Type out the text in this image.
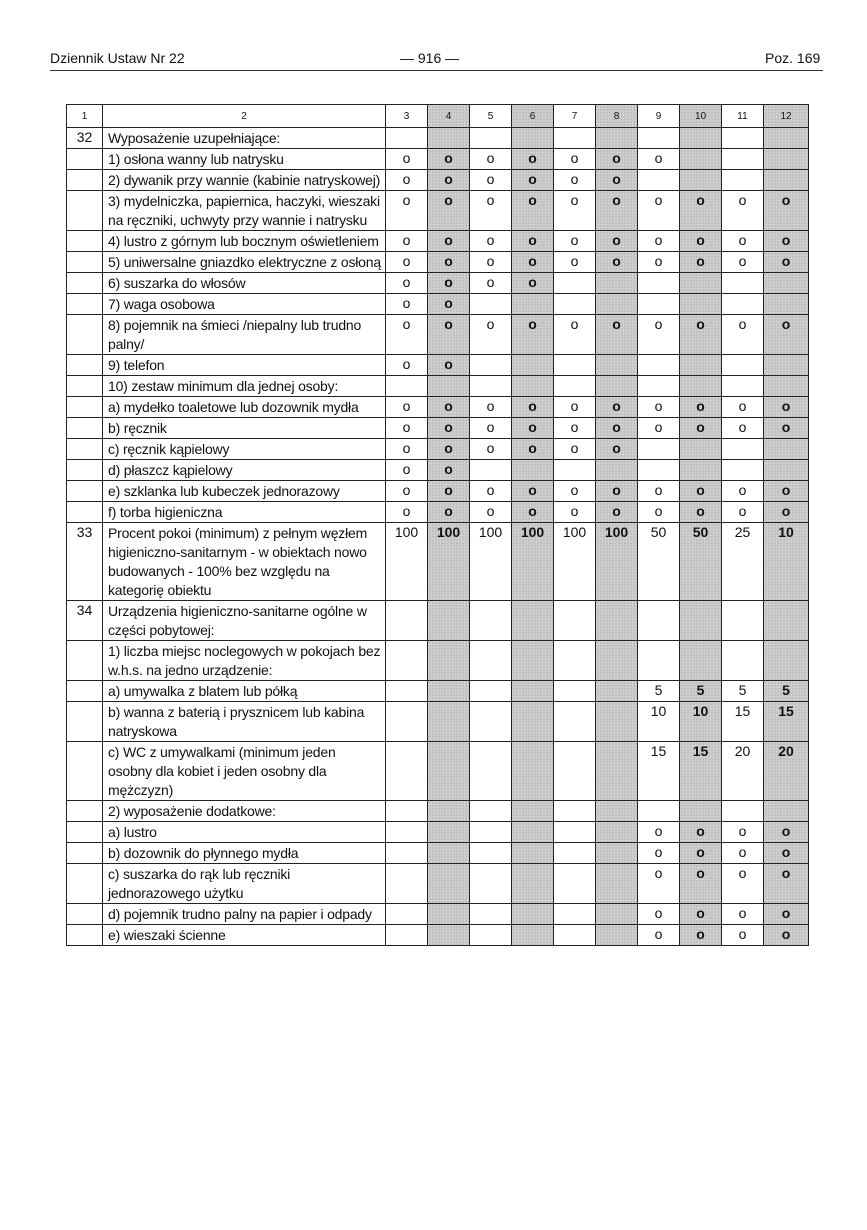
Dziennik Ustaw Nr 22	— 916 —	Poz. 169
1	2	3	4	5	6	7	8	9	10	11	12
32	Wyposażenie uzupełniające:										
	1) osłona wanny lub natrysku	o	o	o	o	o	o	o			
	2) dywanik przy wannie (kabinie natryskowej)	o	o	o	o	o	o				
	3) mydelniczka, papiernica, haczyki, wieszaki na ręczniki, uchwyty przy wannie i natrysku	o	o	o	o	o	o	o	o	o	o
	4) lustro z górnym lub bocznym oświetleniem	o	o	o	o	o	o	o	o	o	o
	5) uniwersalne gniazdko elektryczne z osłoną	o	o	o	o	o	o	o	o	o	o
	6) suszarka do włosów	o	o	o	o						
	7) waga osobowa	o	o								
	8) pojemnik na śmieci /niepalny lub trudno palny/	o	o	o	o	o	o	o	o	o	o
	9) telefon	o	o								
	10) zestaw minimum dla jednej osoby:										
	a) mydełko toaletowe lub dozownik mydła	o	o	o	o	o	o	o	o	o	o
	b) ręcznik	o	o	o	o	o	o	o	o	o	o
	c) ręcznik kąpielowy	o	o	o	o	o	o				
	d) płaszcz kąpielowy	o	o								
	e) szklanka lub kubeczek jednorazowy	o	o	o	o	o	o	o	o	o	o
	f) torba higieniczna	o	o	o	o	o	o	o	o	o	o
33	Procent pokoi (minimum) z pełnym węzłem higieniczno-sanitarnym - w obiektach nowo budowanych - 100% bez względu na kategorię obiektu	100	100	100	100	100	100	50	50	25	10
34	Urządzenia higieniczno-sanitarne ogólne w części pobytowej:										
	1) liczba miejsc noclegowych w pokojach bez w.h.s. na jedno urządzenie:										
	a) umywalka z blatem lub półką							5	5	5	5
	b) wanna z baterią i prysznicem lub kabina natryskowa							10	10	15	15
	c) WC z umywalkami (minimum jeden osobny dla kobiet i jeden osobny dla mężczyzn)							15	15	20	20
	2) wyposażenie dodatkowe:										
	a) lustro							o	o	o	o
	b) dozownik do płynnego mydła							o	o	o	o
	c) suszarka do rąk lub ręczniki jednorazowego użytku							o	o	o	o
	d) pojemnik trudno palny na papier i odpady							o	o	o	o
	e) wieszaki ścienne							o	o	o	o
